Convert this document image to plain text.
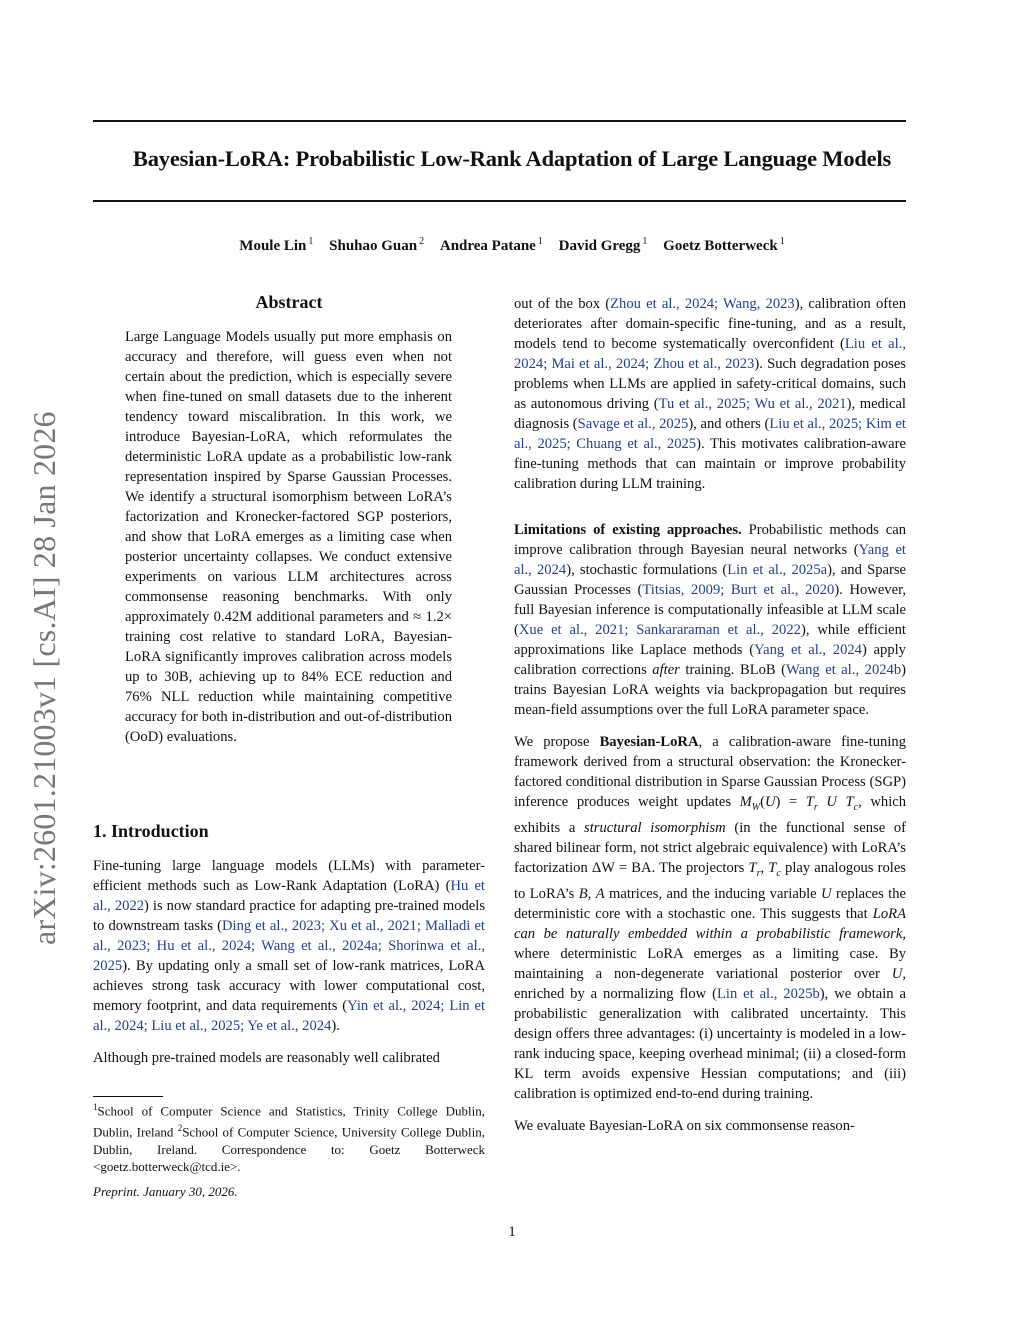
Bayesian-LoRA: Probabilistic Low-Rank Adaptation of Large Language Models
Moule Lin $^1$ Shuhao Guan $^2$ Andrea Patane $^1$ David Gregg $^1$ Goetz Botterweck $^1$
arXiv:2601.21003v1 [cs.AI] 28 Jan 2026
Abstract

Large Language Models usually put more emphasis on accuracy and therefore, will guess even when not certain about the prediction, which is especially severe when fine-tuned on small datasets due to the inherent tendency toward miscalibration. In this work, we introduce Bayesian-LoRA, which reformulates the deterministic LoRA update as a probabilistic low-rank representation inspired by Sparse Gaussian Processes. We identify a structural isomorphism between LoRA’s factorization and Kronecker-factored SGP posteriors, and show that LoRA emerges as a limiting case when posterior uncertainty collapses. We conduct extensive experiments on various LLM architectures across commonsense reasoning benchmarks. With only approximately 0.42M additional parameters and ≈ 1.2× training cost relative to standard LoRA, Bayesian-LoRA significantly improves calibration across models up to 30B, achieving up to 84% ECE reduction and 76% NLL reduction while maintaining competitive accuracy for both in-distribution and out-of-distribution (OoD) evaluations.

1. Introduction

Fine-tuning large language models (LLMs) with parameter-efficient methods such as Low-Rank Adaptation (LoRA) (Hu et al., 2022) is now standard practice for adapting pre-trained models to downstream tasks (Ding et al., 2023; Xu et al., 2021; Malladi et al., 2023; Hu et al., 2024; Wang et al., 2024a; Shorinwa et al., 2025). By updating only a small set of low-rank matrices, LoRA achieves strong task accuracy with lower computational cost, memory footprint, and data requirements (Yin et al., 2024; Lin et al., 2024; Liu et al., 2025; Ye et al., 2024).

Although pre-trained models are reasonably well calibrated

$^1$School of Computer Science and Statistics, Trinity College Dublin, Dublin, Ireland $^2$School of Computer Science, University College Dublin, Dublin, Ireland. Correspondence to: Goetz Botterweck <goetz.botterweck@tcd.ie>.
Preprint. January 30, 2026.

out of the box (Zhou et al., 2024; Wang, 2023), calibration often deteriorates after domain-specific fine-tuning, and as a result, models tend to become systematically overconfident (Liu et al., 2024; Mai et al., 2024; Zhou et al., 2023). Such degradation poses problems when LLMs are applied in safety-critical domains, such as autonomous driving (Tu et al., 2025; Wu et al., 2021), medical diagnosis (Savage et al., 2025), and others (Liu et al., 2025; Kim et al., 2025; Chuang et al., 2025). This motivates calibration-aware fine-tuning methods that can maintain or improve probability calibration during LLM training.

Limitations of existing approaches. Probabilistic methods can improve calibration through Bayesian neural networks (Yang et al., 2024), stochastic formulations (Lin et al., 2025a), and Sparse Gaussian Processes (Titsias, 2009; Burt et al., 2020). However, full Bayesian inference is computationally infeasible at LLM scale (Xue et al., 2021; Sankararaman et al., 2022), while efficient approximations like Laplace methods (Yang et al., 2024) apply calibration corrections after training. BLoB (Wang et al., 2024b) trains Bayesian LoRA weights via backpropagation but requires mean-field assumptions over the full LoRA parameter space.

We propose Bayesian-LoRA, a calibration-aware fine-tuning framework derived from a structural observation: the Kronecker-factored conditional distribution in Sparse Gaussian Process (SGP) inference produces weight updates $M_W(U) = T_r$ U $T_c$, which exhibits a structural isomorphism (in the functional sense of shared bilinear form, not strict algebraic equivalence) with LoRA’s factorization ΔW = BA. The projectors $T_r$, $T_c$ play analogous roles to LoRA’s B, A matrices, and the inducing variable U replaces the deterministic core with a stochastic one. This suggests that LoRA can be naturally embedded within a probabilistic framework, where deterministic LoRA emerges as a limiting case. By maintaining a non-degenerate variational posterior over U, enriched by a normalizing flow (Lin et al., 2025b), we obtain a probabilistic generalization with calibrated uncertainty. This design offers three advantages: (i) uncertainty is modeled in a low-rank inducing space, keeping overhead minimal; (ii) a closed-form KL term avoids expensive Hessian computations; and (iii) calibration is optimized end-to-end during training.

We evaluate Bayesian-LoRA on six commonsense reason-

1
